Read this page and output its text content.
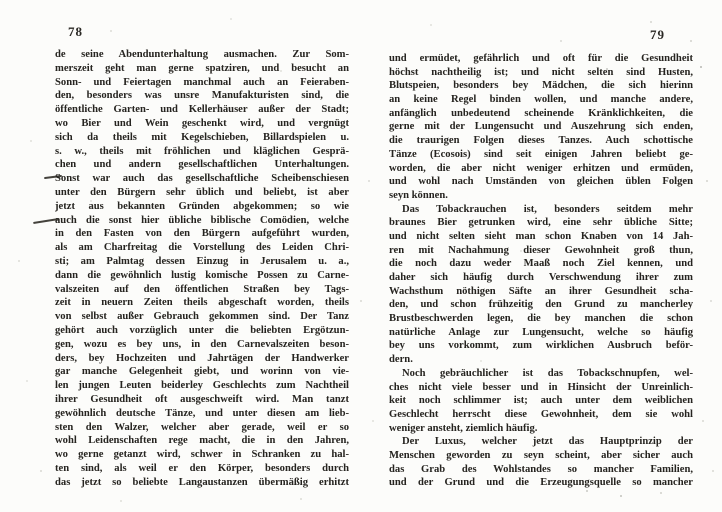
78
de seine Abendunterhaltung ausmachen. Zur Som-
merszeit geht man gerne spatziren, und besucht an
Sonn- und Feiertagen manchmal auch an Feieraben-
den, besonders was unsre Manufakturisten sind, die
öffentliche Garten- und Kellerhäuser außer der Stadt;
wo Bier und Wein geschenkt wird, und vergnügt
sich da theils mit Kegelschieben, Billardspielen u.
s. w., theils mit fröhlichen und kläglichen Gesprä-
chen und andern gesellschaftlichen Unterhaltungen.
Sonst war auch das gesellschaftliche Scheibenschiesen
unter den Bürgern sehr üblich und beliebt, ist aber
jetzt aus bekannten Gründen abgekommen; so wie
auch die sonst hier übliche biblische Comödien, welche
in den Fasten von den Bürgern aufgeführt wurden,
als am Charfreitag die Vorstellung des Leiden Chri-
sti; am Palmtag dessen Einzug in Jerusalem u. a.,
dann die gewöhnlich lustig komische Possen zu Carne-
valszeiten auf den öffentlichen Straßen bey Tags-
zeit in neuern Zeiten theils abgeschaft worden, theils
von selbst außer Gebrauch gekommen sind. Der Tanz
gehört auch vorzüglich unter die beliebten Ergötzun-
gen, wozu es bey uns, in den Carnevalszeiten beson-
ders, bey Hochzeiten und Jahrtägen der Handwerker
gar manche Gelegenheit giebt, und worinn von vie-
len jungen Leuten beiderley Geschlechts zum Nachtheil
ihrer Gesundheit oft ausgeschweift wird. Man tanzt
gewöhnlich deutsche Tänze, und unter diesen am lieb-
sten den Walzer, welcher aber gerade, weil er so
wohl Leidenschaften rege macht, die in den Jahren,
wo gerne getanzt wird, schwer in Schranken zu hal-
ten sind, als weil er den Körper, besonders durch
das jetzt so beliebte Langaustanzen übermäßig erhitzt
79
und ermüdet, gefährlich und oft für die Gesundheit
höchst nachtheilig ist; und nicht selten sind Husten,
Blutspeien, besonders bey Mädchen, die sich hierinn
an keine Regel binden wollen, und manche andere,
anfänglich unbedeutend scheinende Kränklichkeiten, die
gerne mit der Lungensucht und Auszehrung sich enden,
die traurigen Folgen dieses Tanzes. Auch schottische
Tänze (Ecosois) sind seit einigen Jahren beliebt ge-
worden, die aber nicht weniger erhitzen und ermüden,
und wohl nach Umständen von gleichen üblen Folgen
seyn können.
Das Tobackrauchen ist, besonders seitdem mehr
braunes Bier getrunken wird, eine sehr übliche Sitte;
und nicht selten sieht man schon Knaben von 14 Jah-
ren mit Nachahmung dieser Gewohnheit groß thun,
die noch dazu weder Maaß noch Ziel kennen, und
daher sich häufig durch Verschwendung ihrer zum
Wachsthum nöthigen Säfte an ihrer Gesundheit scha-
den, und schon frühzeitig den Grund zu mancherley
Brustbeschwerden legen, die bey manchen die schon
natürliche Anlage zur Lungensucht, welche so häufig
bey uns vorkommt, zum wirklichen Ausbruch beför-
dern.
Noch gebräuchlicher ist das Tobackschnupfen, wel-
ches nicht viele besser und in Hinsicht der Unreinlich-
keit noch schlimmer ist; auch unter dem weiblichen
Geschlecht herrscht diese Gewohnheit, dem sie wohl
weniger ansteht, ziemlich häufig.
Der Luxus, welcher jetzt das Hauptprinzip der
Menschen geworden zu seyn scheint, aber sicher auch
das Grab des Wohlstandes so mancher Familien,
und der Grund und die Erzeugungsquelle so mancher
